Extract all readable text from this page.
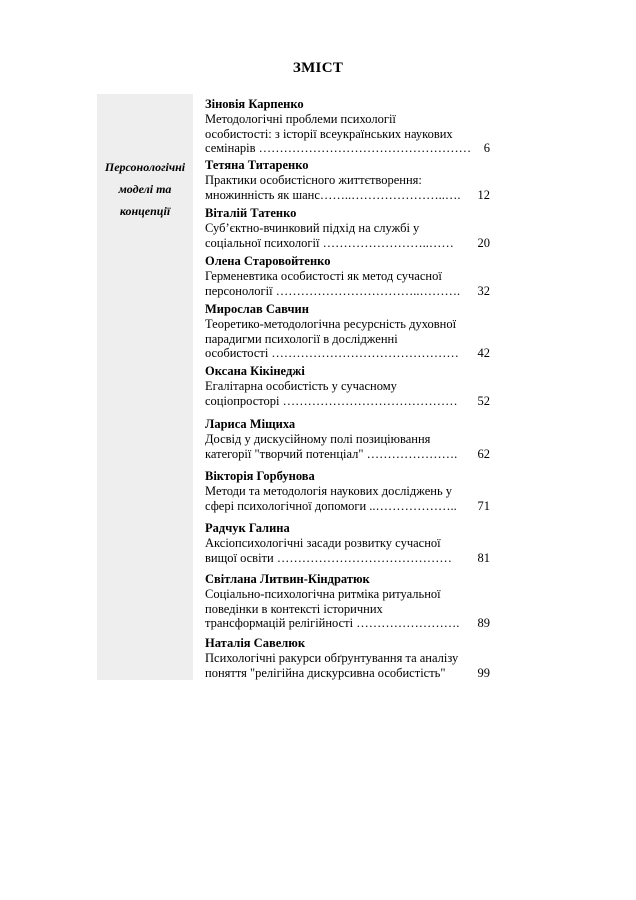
ЗМІСТ
Персонологічні
моделі та
концепції
Зіновія Карпенко
Методологічні проблеми психології
особистості: з історії всеукраїнських наукових
семінарів …………………………………………… 6
Тетяна Титаренко
Практики особистісного життєтворення:
множинність як шанс……..…………………..…. 12
Віталій Татенко
Суб’єктно-вчинковий підхід на службі у
соціальної психології ……………………..…… 20
Олена Старовойтенко
Герменевтика особистості як метод сучасної
персонології ……………………………..………. 32
Мирослав Савчин
Теоретико-методологічна ресурсність духовної
парадигми психології в дослідженні
особистості ……………………………………… 42
Оксана Кікінеджі
Егалітарна особистість у сучасному
соціопросторі …………………………………… 52
Лариса Міщиха
Досвід у дискусійному полі позиціювання
категорії "творчий потенціал" …………………. 62
Вікторія Горбунова
Методи та методологія наукових досліджень у
сфері психологічної допомоги ..……………….. 71
Радчук Галина
Аксіопсихологічні засади розвитку сучасної
вищої освіти …………………………………… 81
Світлана Литвин-Кіндратюк
Соціально-психологічна ритміка ритуальної
поведінки в контексті історичних
трансформацій релігійності ……………………. 89
Наталія Савелюк
Психологічні ракурси обґрунтування та аналізу
поняття "релігійна дискурсивна особистість"	99
